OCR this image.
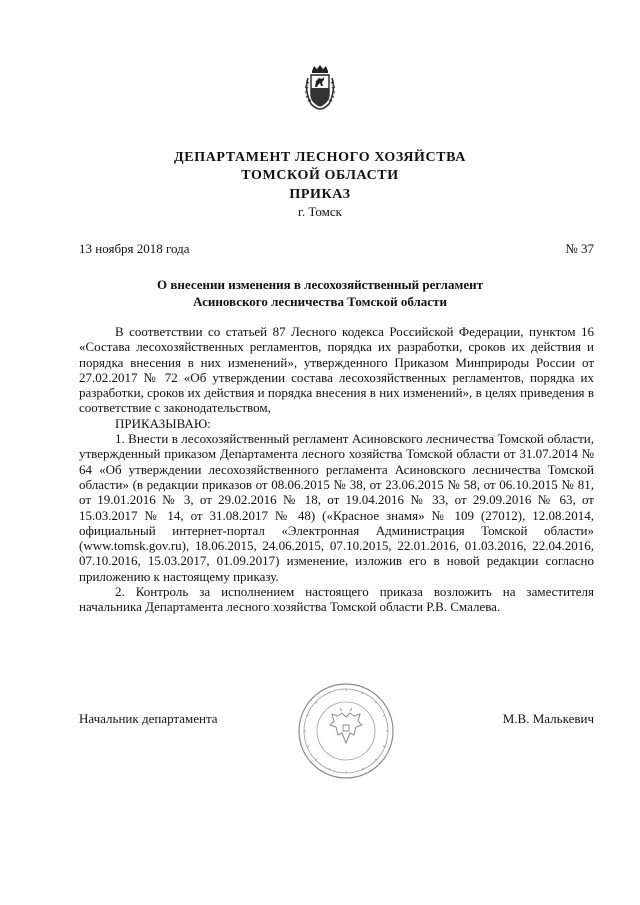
ДЕПАРТАМЕНТ ЛЕСНОГО ХОЗЯЙСТВА
ТОМСКОЙ ОБЛАСТИ
ПРИКАЗ
г. Томск
13 ноября 2018 года	№ 37
О внесении изменения в лесохозяйственный регламент
Асиновского лесничества Томской области

В соответствии со статьей 87 Лесного кодекса Российской Федерации, пунктом 16 «Состава лесохозяйственных регламентов, порядка их разработки, сроков их действия и порядка внесения в них изменений», утвержденного Приказом Минприроды России от 27.02.2017 № 72 «Об утверждении состава лесохозяйственных регламентов, порядка их разработки, сроков их действия и порядка внесения в них изменений», в целях приведения в соответствие с законодательством,

ПРИКАЗЫВАЮ:

1. Внести в лесохозяйственный регламент Асиновского лесничества Томской области, утвержденный приказом Департамента лесного хозяйства Томской области от 31.07.2014 № 64 «Об утверждении лесохозяйственного регламента Асиновского лесничества Томской области» (в редакции приказов от 08.06.2015 № 38, от 23.06.2015 № 58, от 06.10.2015 № 81, от 19.01.2016 № 3, от 29.02.2016 № 18, от 19.04.2016 № 33, от 29.09.2016 № 63, от 15.03.2017 № 14, от 31.08.2017 № 48) («Красное знамя» № 109 (27012), 12.08.2014, официальный интернет-портал «Электронная Администрация Томской области» (www.tomsk.gov.ru), 18.06.2015, 24.06.2015, 07.10.2015, 22.01.2016, 01.03.2016, 22.04.2016, 07.10.2016, 15.03.2017, 01.09.2017) изменение, изложив его в новой редакции согласно приложению к настоящему приказу.

2. Контроль за исполнением настоящего приказа возложить на заместителя начальника Департамента лесного хозяйства Томской области Р.В. Смалева.

Начальник департамента	М.В. Малькевич
